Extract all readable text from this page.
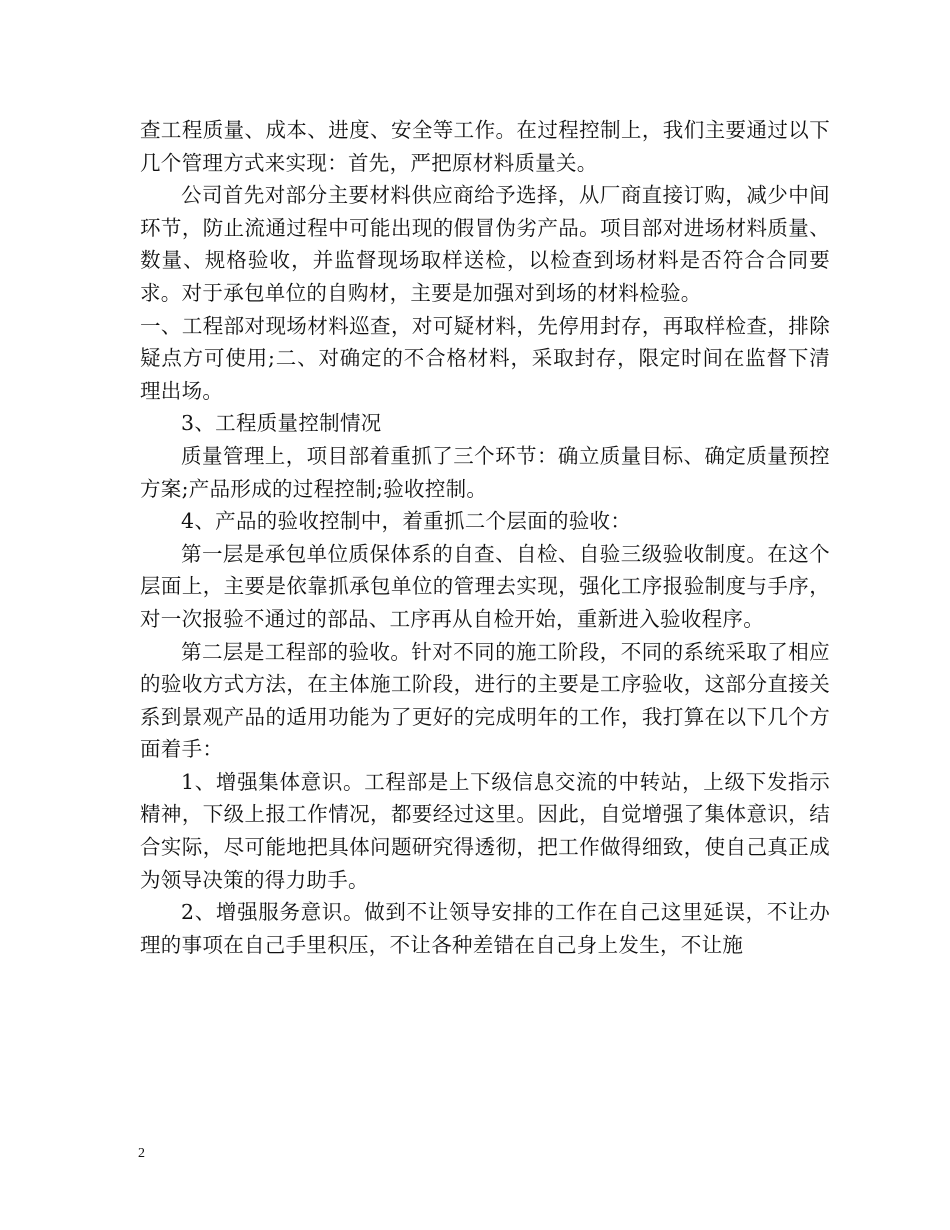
查工程质量、成本、进度、安全等工作。在过程控制上，我们主要通过以下几个管理方式来实现：首先，严把原材料质量关。

公司首先对部分主要材料供应商给予选择，从厂商直接订购，减少中间环节，防止流通过程中可能出现的假冒伪劣产品。项目部对进场材料质量、数量、规格验收，并监督现场取样送检，以检查到场材料是否符合合同要求。对于承包单位的自购材，主要是加强对到场的材料检验。

一、工程部对现场材料巡查，对可疑材料，先停用封存，再取样检查，排除疑点方可使用;二、对确定的不合格材料，采取封存，限定时间在监督下清理出场。

3、工程质量控制情况

质量管理上，项目部着重抓了三个环节：确立质量目标、确定质量预控方案;产品形成的过程控制;验收控制。

4、产品的验收控制中，着重抓二个层面的验收：

第一层是承包单位质保体系的自查、自检、自验三级验收制度。在这个层面上，主要是依靠抓承包单位的管理去实现，强化工序报验制度与手序，对一次报验不通过的部品、工序再从自检开始，重新进入验收程序。

第二层是工程部的验收。针对不同的施工阶段，不同的系统采取了相应的验收方式方法，在主体施工阶段，进行的主要是工序验收，这部分直接关系到景观产品的适用功能为了更好的完成明年的工作，我打算在以下几个方面着手：

1、增强集体意识。工程部是上下级信息交流的中转站，上级下发指示精神，下级上报工作情况，都要经过这里。因此，自觉增强了集体意识，结合实际，尽可能地把具体问题研究得透彻，把工作做得细致，使自己真正成为领导决策的得力助手。

2、增强服务意识。做到不让领导安排的工作在自己这里延误，不让办理的事项在自己手里积压，不让各种差错在自己身上发生，不让施

2
